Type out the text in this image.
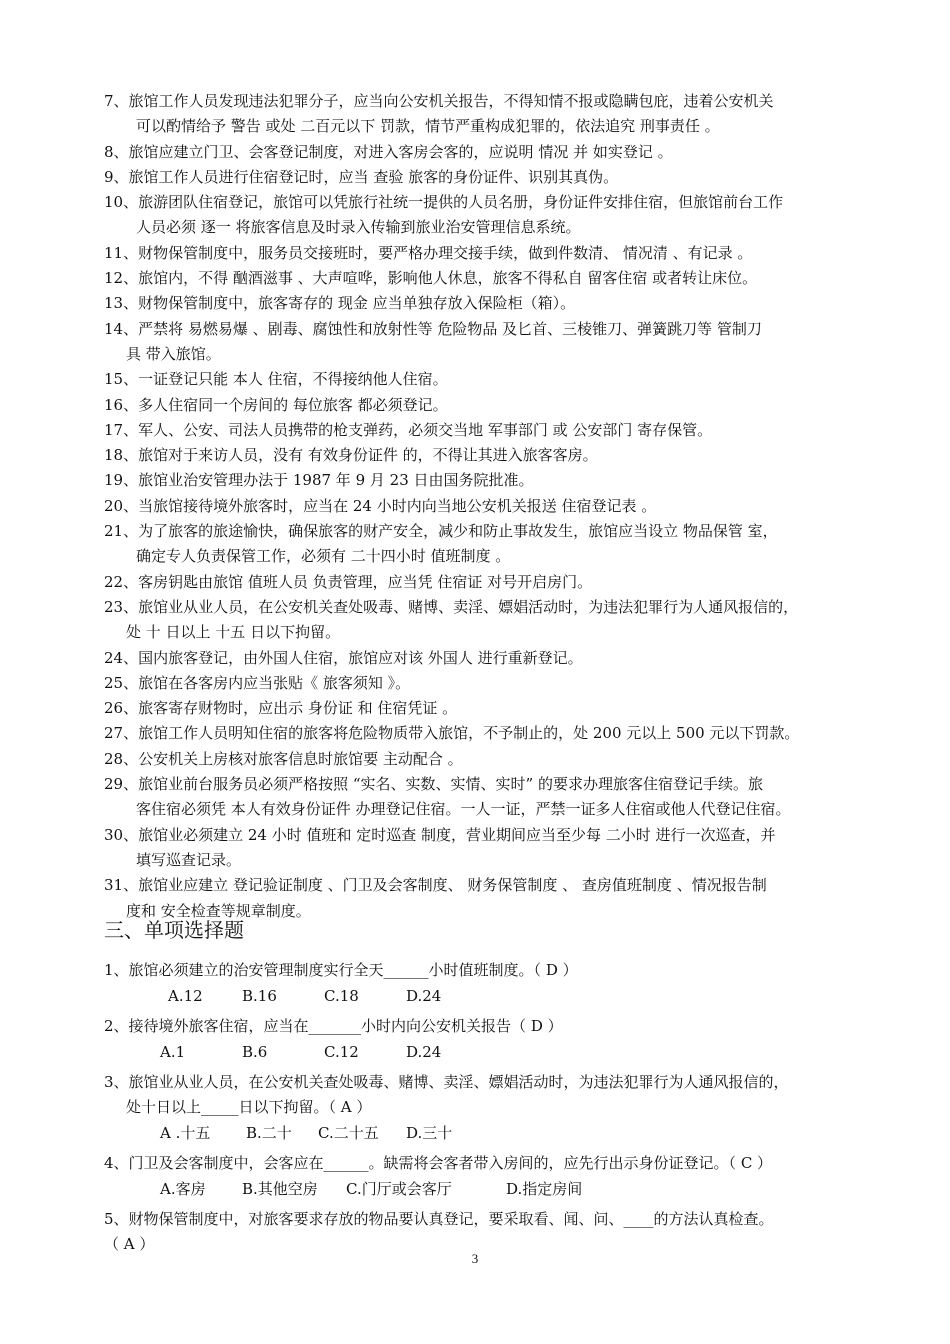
7、旅馆工作人员发现违法犯罪分子，应当向公安机关报告，不得知情不报或隐瞒包庇，违着公安机关
可以酌情给予 警告 或处 二百元以下 罚款，情节严重构成犯罪的，依法追究 刑事责任 。
8、旅馆应建立门卫、会客登记制度，对进入客房会客的，应说明 情况 并 如实登记 。
9、旅馆工作人员进行住宿登记时，应当 查验 旅客的身份证件、识别其真伪。
10、旅游团队住宿登记，旅馆可以凭旅行社统一提供的人员名册，身份证件安排住宿，但旅馆前台工作
人员必须 逐一 将旅客信息及时录入传输到旅业治安管理信息系统。
11、财物保管制度中，服务员交接班时，要严格办理交接手续，做到件数清、 情况清 、有记录 。
12、旅馆内，不得 酗酒滋事 、大声喧哗，影响他人休息，旅客不得私自 留客住宿 或者转让床位。
13、财物保管制度中，旅客寄存的 现金 应当单独存放入保险柜（箱）。
14、严禁将 易燃易爆 、剧毒、腐蚀性和放射性等 危险物品 及匕首、三棱锥刀、弹簧跳刀等 管制刀
具 带入旅馆。
15、一证登记只能 本人 住宿，不得接纳他人住宿。
16、多人住宿同一个房间的 每位旅客 都必须登记。
17、军人、公安、司法人员携带的枪支弹药，必须交当地 军事部门 或 公安部门 寄存保管。
18、旅馆对于来访人员，没有 有效身份证件 的，不得让其进入旅客客房。
19、旅馆业治安管理办法于 1987 年 9 月 23 日由国务院批准。
20、当旅馆接待境外旅客时，应当在 24 小时内向当地公安机关报送 住宿登记表 。
21、为了旅客的旅途愉快，确保旅客的财产安全，减少和防止事故发生，旅馆应当设立 物品保管 室，
确定专人负责保管工作，必须有 二十四小时 值班制度 。
22、客房钥匙由旅馆 值班人员 负责管理，应当凭 住宿证 对号开启房门。
23、旅馆业从业人员，在公安机关查处吸毒、赌博、卖淫、嫖娼活动时，为违法犯罪行为人通风报信的，
处 十 日以上 十五 日以下拘留。
24、国内旅客登记，由外国人住宿，旅馆应对该 外国人 进行重新登记。
25、旅馆在各客房内应当张贴《 旅客须知 》。
26、旅客寄存财物时，应出示 身份证 和 住宿凭证 。
27、旅馆工作人员明知住宿的旅客将危险物质带入旅馆，不予制止的，处 200 元以上 500 元以下罚款。
28、公安机关上房核对旅客信息时旅馆要 主动配合 。
29、旅馆业前台服务员必须严格按照 “实名、实数、实情、实时” 的要求办理旅客住宿登记手续。旅
客住宿必须凭 本人有效身份证件 办理登记住宿。一人一证，严禁一证多人住宿或他人代登记住宿。
30、旅馆业必须建立 24 小时 值班和 定时巡查 制度，营业期间应当至少每 二小时 进行一次巡查，并
填写巡查记录。
31、旅馆业应建立 登记验证制度 、门卫及会客制度、 财务保管制度 、 查房值班制度 、情况报告制
度和 安全检查等规章制度。
三、单项选择题
1、旅馆必须建立的治安管理制度实行全天______小时值班制度。（ D ）
A.12	B.16	C.18	D.24
2、接待境外旅客住宿，应当在_______小时内向公安机关报告（ D ）
A.1	B.6	C.12	D.24
3、旅馆业从业人员，在公安机关查处吸毒、赌博、卖淫、嫖娼活动时，为违法犯罪行为人通风报信的，
处十日以上_____日以下拘留。（ A ）
A .十五 B.二十 C.二十五 D.三十
4、门卫及会客制度中，会客应在______。缺需将会客者带入房间的，应先行出示身份证登记。（ C ）
A.客房 B.其他空房 C.门厅或会客厅	D.指定房间
5、财物保管制度中，对旅客要求存放的物品要认真登记，要采取看、闻、问、____的方法认真检查。
（ A ）
3
